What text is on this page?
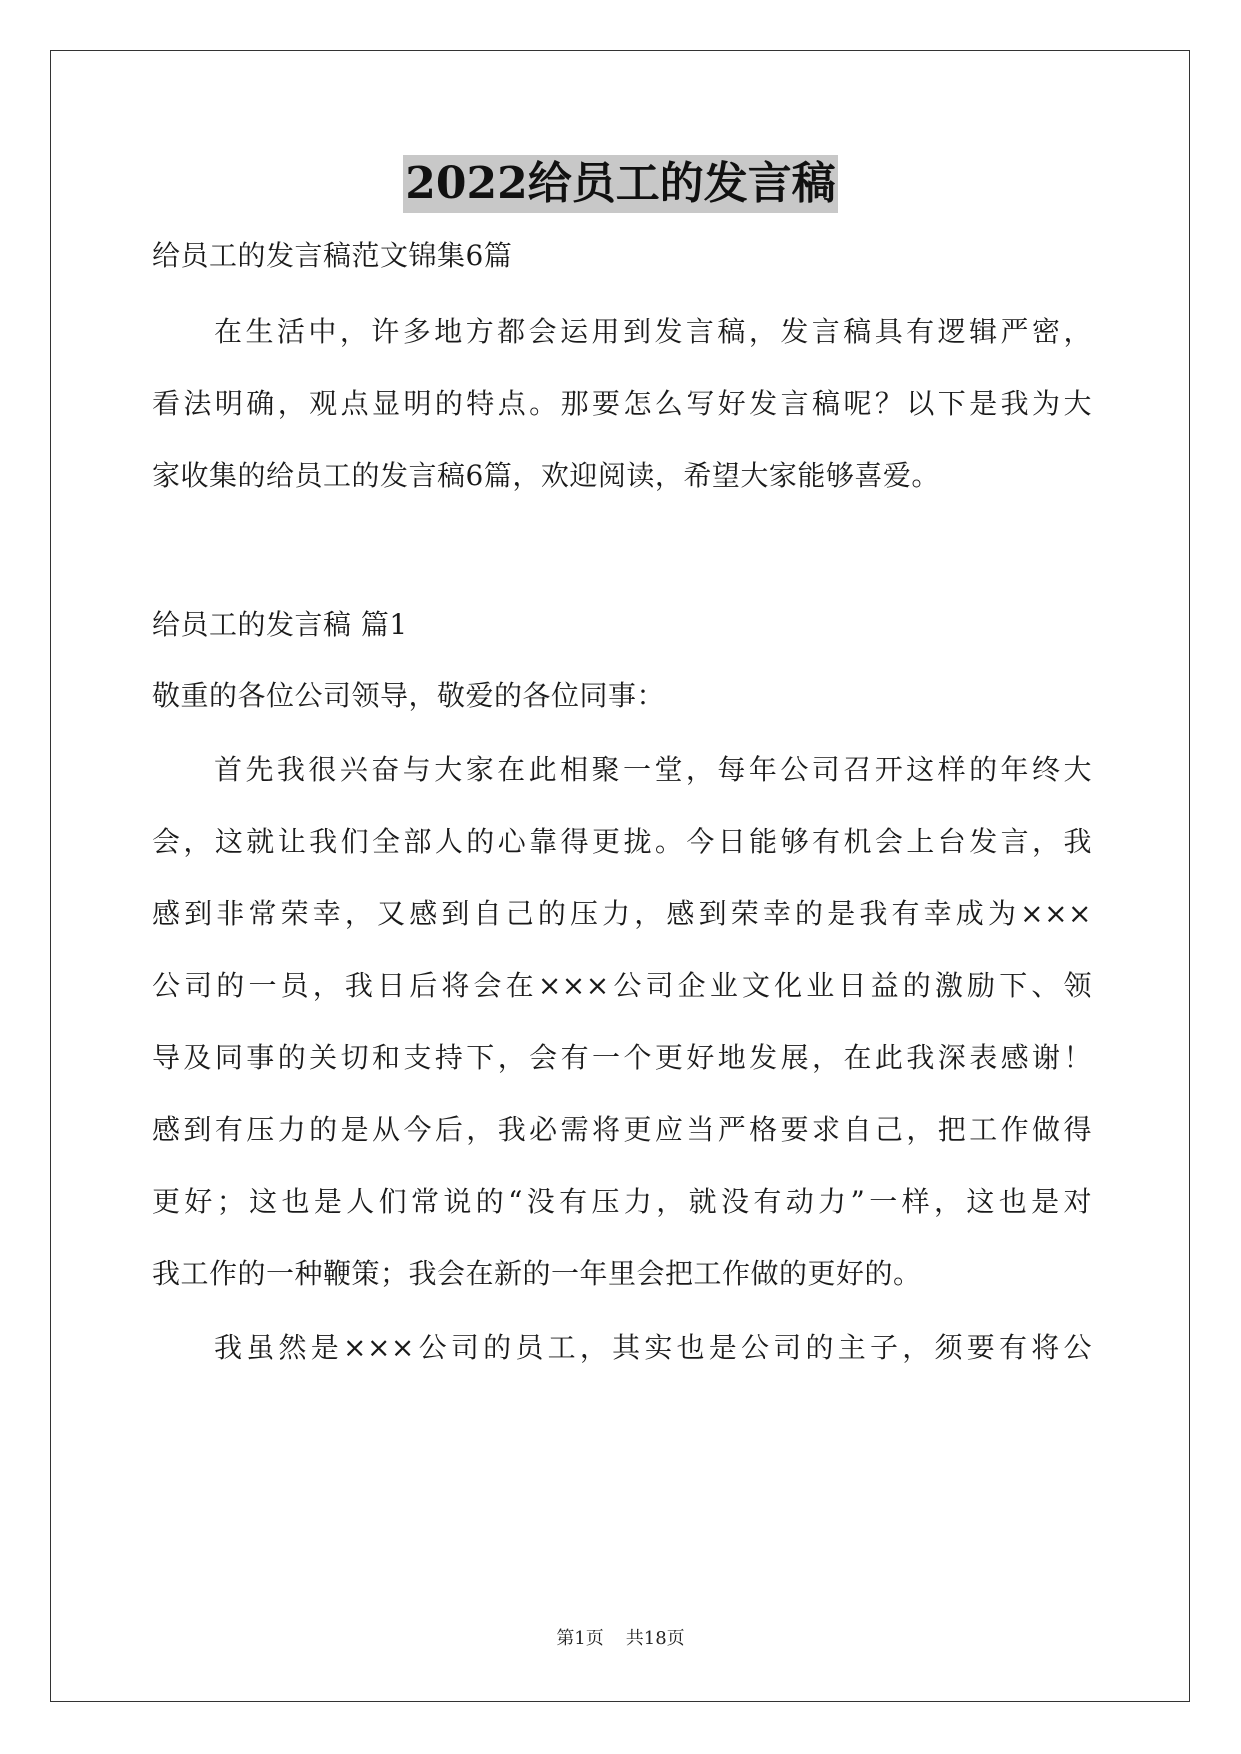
2022给员工的发言稿
给员工的发言稿范文锦集6篇
在生活中，许多地方都会运用到发言稿，发言稿具有逻辑严密，
看法明确，观点显明的特点。那要怎么写好发言稿呢？以下是我为大
家收集的给员工的发言稿6篇，欢迎阅读，希望大家能够喜爱。
给员工的发言稿 篇1
敬重的各位公司领导，敬爱的各位同事：
首先我很兴奋与大家在此相聚一堂，每年公司召开这样的年终大
会，这就让我们全部人的心靠得更拢。今日能够有机会上台发言，我
感到非常荣幸，又感到自己的压力，感到荣幸的是我有幸成为×××
公司的一员，我日后将会在×××公司企业文化业日益的激励下、领
导及同事的关切和支持下，会有一个更好地发展，在此我深表感谢！
感到有压力的是从今后，我必需将更应当严格要求自己，把工作做得
更好；这也是人们常说的“没有压力，就没有动力”一样，这也是对
我工作的一种鞭策；我会在新的一年里会把工作做的更好的。
我虽然是×××公司的员工，其实也是公司的主子，须要有将公
第1页 共18页
